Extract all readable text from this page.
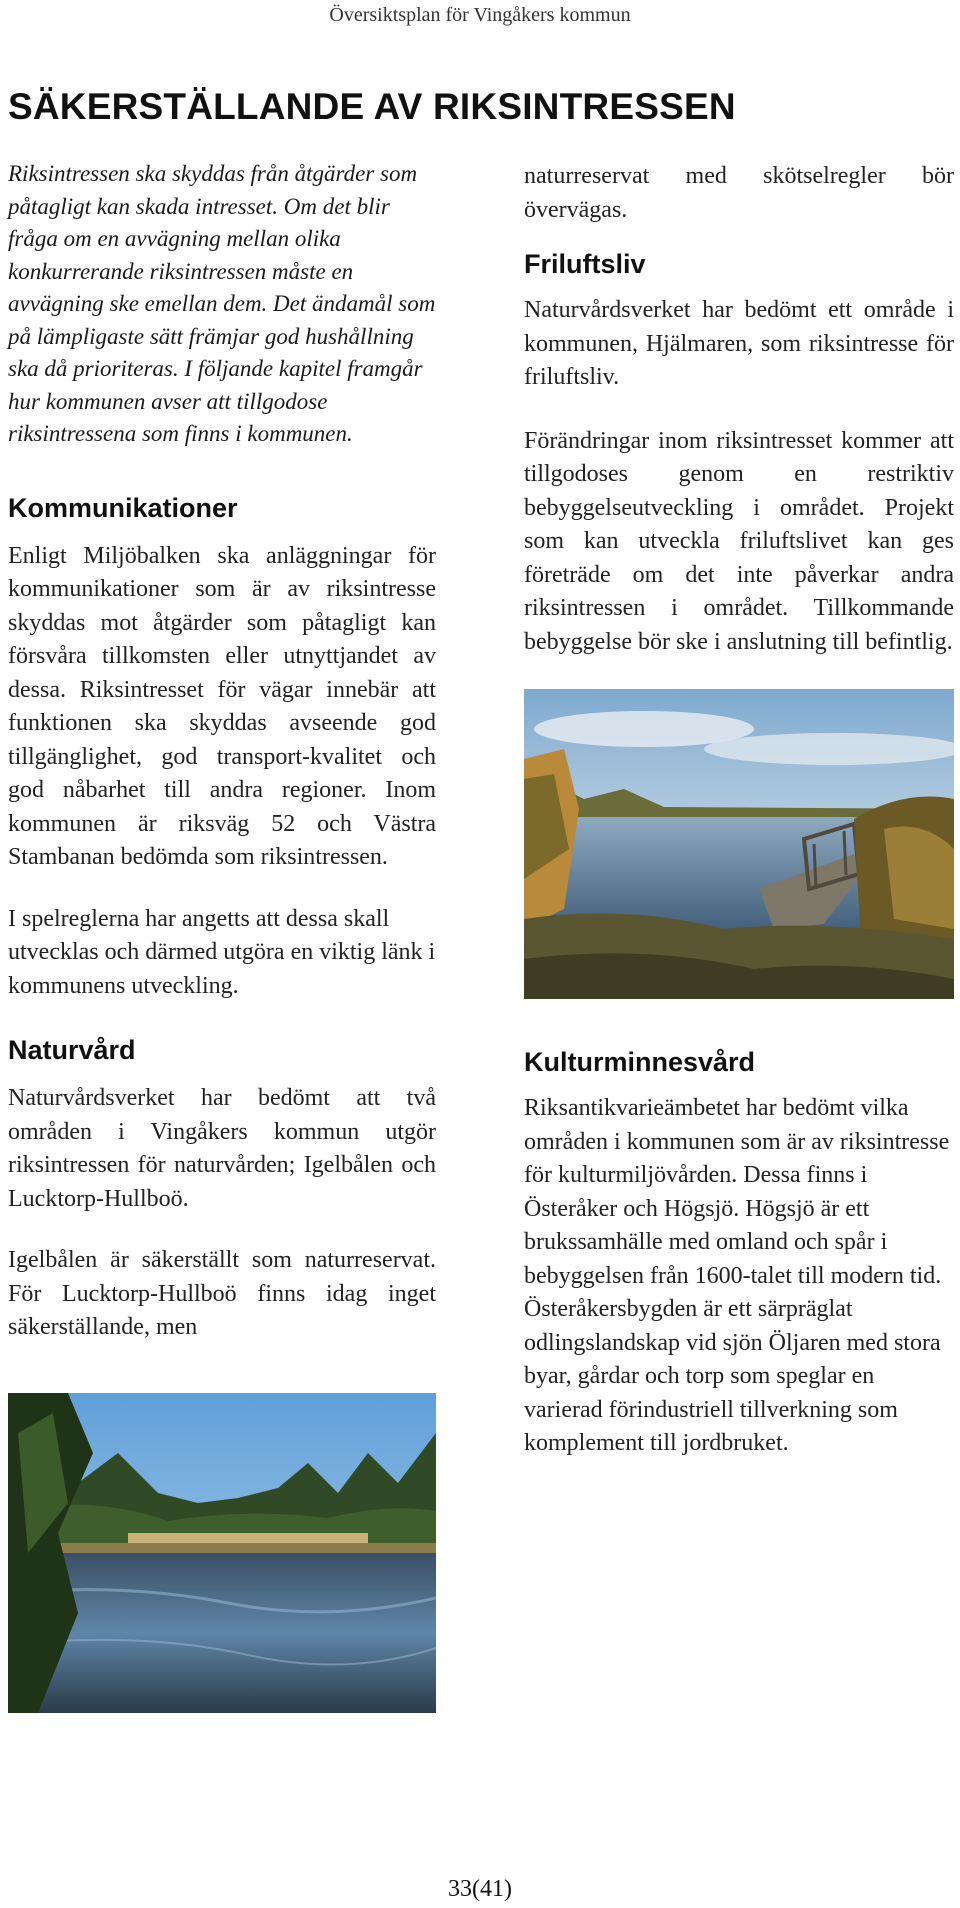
Översiktsplan för Vingåkers kommun
SÄKERSTÄLLANDE AV RIKSINTRESSEN

Riksintressen ska skyddas från åtgärder som påtagligt kan skada intresset. Om det blir fråga om en avvägning mellan olika konkurrerande riksintressen måste en avvägning ske emellan dem. Det ändamål som på lämpligaste sätt främjar god hushållning ska då prioriteras. I följande kapitel framgår hur kommunen avser att tillgodose riksintressena som finns i kommunen.

Kommunikationer

Enligt Miljöbalken ska anläggningar för kommunikationer som är av riksintresse skyddas mot åtgärder som påtagligt kan försvåra tillkomsten eller utnyttjandet av dessa. Riksintresset för vägar innebär att funktionen ska skyddas avseende god tillgänglighet, god transport-kvalitet och god nåbarhet till andra regioner. Inom kommunen är riksväg 52 och Västra Stambanan bedömda som riksintressen.

I spelreglerna har angetts att dessa skall utvecklas och därmed utgöra en viktig länk i kommunens utveckling.

Naturvård

Naturvårdsverket har bedömt att två områden i Vingåkers kommun utgör riksintressen för naturvården; Igelbålen och Lucktorp-Hullboö.

Igelbålen är säkerställt som naturreservat. För Lucktorp-Hullboö finns idag inget säkerställande, men

naturreservat med skötselregler bör övervägas.

Friluftsliv

Naturvårdsverket har bedömt ett område i kommunen, Hjälmaren, som riksintresse för friluftsliv.

Förändringar inom riksintresset kommer att tillgodoses genom en restriktiv bebyggelseutveckling i området. Projekt som kan utveckla friluftslivet kan ges företräde om det inte påverkar andra riksintressen i området. Tillkommande bebyggelse bör ske i anslutning till befintlig.

Kulturminnesvård

Riksantikvarieämbetet har bedömt vilka områden i kommunen som är av riksintresse för kulturmiljövården. Dessa finns i Österåker och Högsjö. Högsjö är ett brukssamhälle med omland och spår i bebyggelsen från 1600-talet till modern tid. Österåkersbygden är ett särpräglat odlingslandskap vid sjön Öljaren med stora byar, gårdar och torp som speglar en varierad förindustriell tillverkning som komplement till jordbruket.

33(41)
